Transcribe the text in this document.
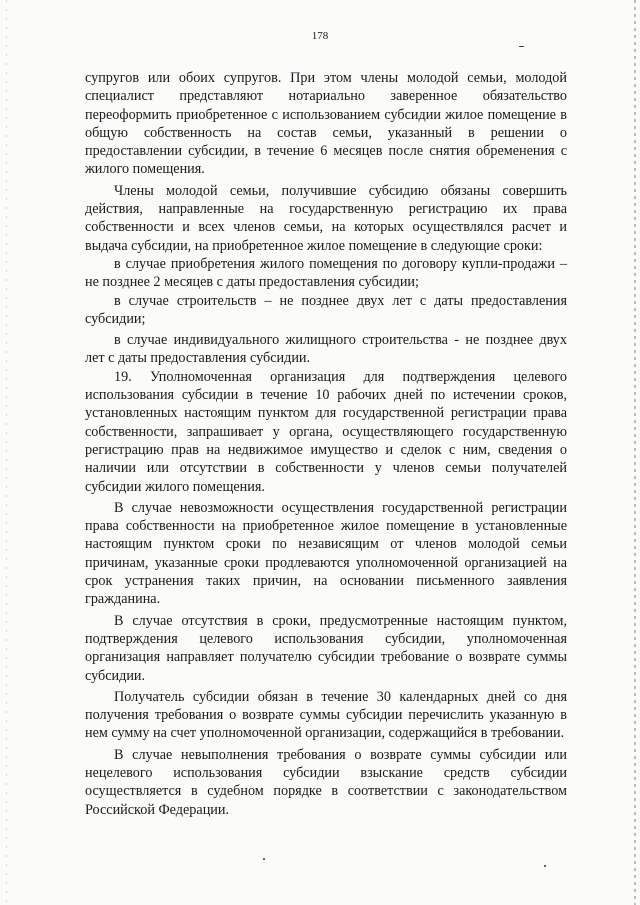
178

супругов или обоих супругов. При этом члены молодой семьи, молодой специалист представляют нотариально заверенное обязательство переоформить приобретенное с использованием субсидии жилое помещение в общую собственность на состав семьи, указанный в решении о предоставлении субсидии, в течение 6 месяцев после снятия обременения с жилого помещения.

Члены молодой семьи, получившие субсидию обязаны совершить действия, направленные на государственную регистрацию их права собственности и всех членов семьи, на которых осуществлялся расчет и выдача субсидии, на приобретенное жилое помещение в следующие сроки:

в случае приобретения жилого помещения по договору купли-продажи – не позднее 2 месяцев с даты предоставления субсидии;

в случае строительств – не позднее двух лет с даты предоставления субсидии;

в случае индивидуального жилищного строительства - не позднее двух лет с даты предоставления субсидии.

19. Уполномоченная организация для подтверждения целевого использования субсидии в течение 10 рабочих дней по истечении сроков, установленных настоящим пунктом для государственной регистрации права собственности, запрашивает у органа, осуществляющего государственную регистрацию прав на недвижимое имущество и сделок с ним, сведения о наличии или отсутствии в собственности у членов семьи получателей субсидии жилого помещения.

В случае невозможности осуществления государственной регистрации права собственности на приобретенное жилое помещение в установленные настоящим пунктом сроки по независящим от членов молодой семьи причинам, указанные сроки продлеваются уполномоченной организацией на срок устранения таких причин, на основании письменного заявления гражданина.

В случае отсутствия в сроки, предусмотренные настоящим пунктом, подтверждения целевого использования субсидии, уполномоченная организация направляет получателю субсидии требование о возврате суммы субсидии.

Получатель субсидии обязан в течение 30 календарных дней со дня получения требования о возврате суммы субсидии перечислить указанную в нем сумму на счет уполномоченной организации, содержащийся в требовании.

В случае невыполнения требования о возврате суммы субсидии или нецелевого использования субсидии взыскание средств субсидии осуществляется в судебном порядке в соответствии с законодательством Российской Федерации.
